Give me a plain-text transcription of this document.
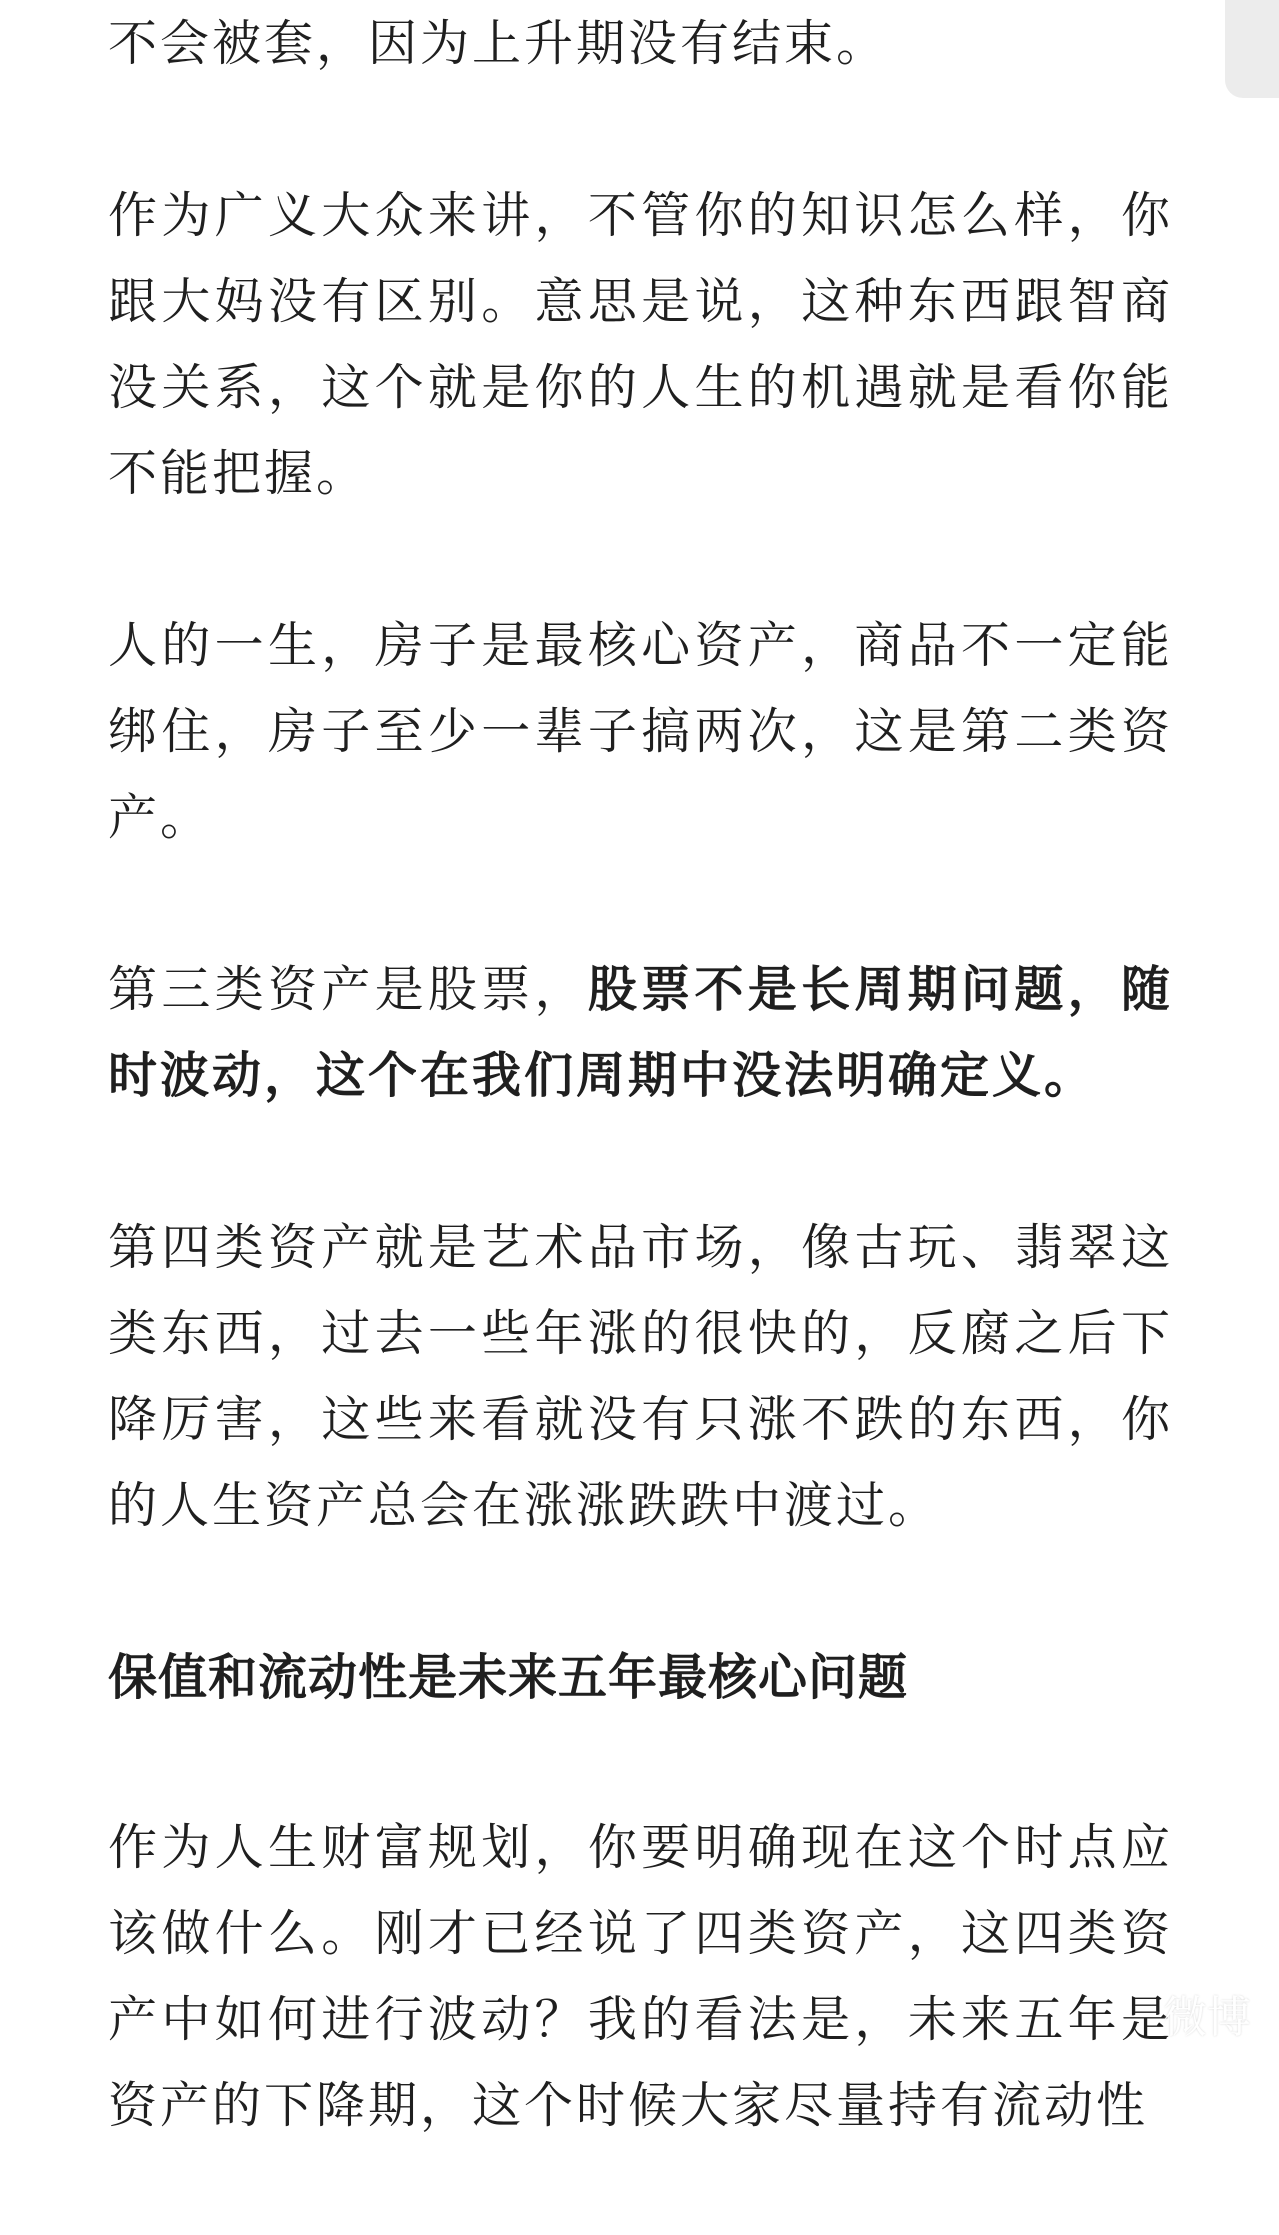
不会被套，因为上升期没有结束。

作为广义大众来讲，不管你的知识怎么样，你跟大妈没有区别。意思是说，这种东西跟智商没关系，这个就是你的人生的机遇就是看你能不能把握。

人的一生，房子是最核心资产，商品不一定能绑住，房子至少一辈子搞两次，这是第二类资产。

第三类资产是股票，股票不是长周期问题，随时波动，这个在我们周期中没法明确定义。

第四类资产就是艺术品市场，像古玩、翡翠这类东西，过去一些年涨的很快的，反腐之后下降厉害，这些来看就没有只涨不跌的东西，你的人生资产总会在涨涨跌跌中渡过。

保值和流动性是未来五年最核心问题

作为人生财富规划，你要明确现在这个时点应该做什么。刚才已经说了四类资产，这四类资产中如何进行波动？我的看法是，未来五年是资产的下降期，这个时候大家尽量持有流动性

微博
